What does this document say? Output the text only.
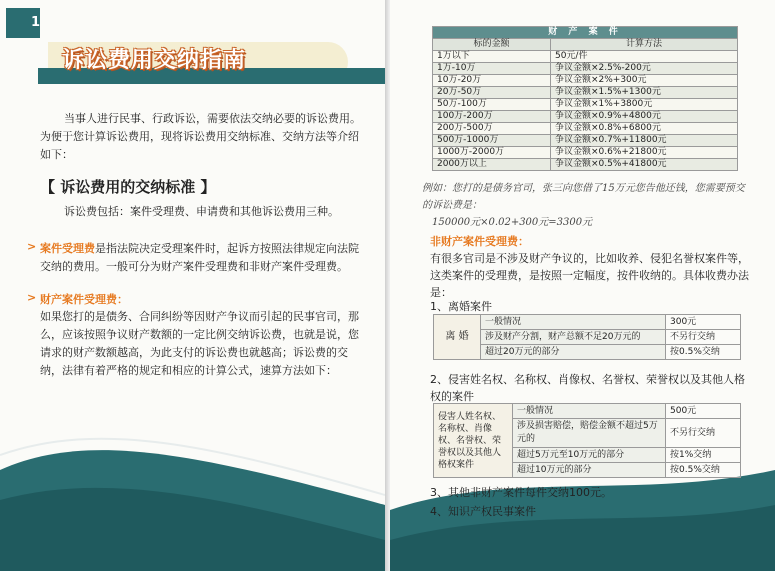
1
诉讼费用交纳指南
当事人进行民事、行政诉讼，需要依法交纳必要的诉讼费用。为便于您计算诉讼费用，现将诉讼费用交纳标准、交纳方法等介绍如下：
【 诉讼费用的交纳标准 】
诉讼费包括：案件受理费、申请费和其他诉讼费用三种。
> 案件受理费是指法院决定受理案件时，起诉方按照法律规定向法院交纳的费用。一般可分为财产案件受理费和非财产案件受理费。
> 财产案件受理费：
如果您打的是债务、合同纠纷等因财产争议而引起的民事官司，那么，应该按照争议财产数额的一定比例交纳诉讼费，也就是说，您请求的财产数额越高，为此支付的诉讼费也就越高；诉讼费的交纳，法律有着严格的规定和相应的计算公式，速算方法如下：
财 产 案 件	
标的金额	计算方法
1万以下	50元/件
1万-10万	争议金额×2.5%-200元
10万-20万	争议金额×2%+300元
20万-50万	争议金额×1.5%+1300元
50万-100万	争议金额×1%+3800元
100万-200万	争议金额×0.9%+4800元
200万-500万	争议金额×0.8%+6800元
500万-1000万	争议金额×0.7%+11800元
1000万-2000万	争议金额×0.6%+21800元
2000万以上	争议金额×0.5%+41800元
例如：您打的是债务官司，张三向您借了15万元您告他还钱，您需要预交的诉讼费是：
150000元×0.02+300元=3300元
非财产案件受理费：
有很多官司是不涉及财产争议的，比如收养、侵犯名誉权案件等，这类案件的受理费，是按照一定幅度，按件收纳的。具体收费办法是：
1、离婚案件
离 婚	一般情况	300元
	涉及财产分割，财产总额不足20万元的	不另行交纳
	超过20万元的部分	按0.5%交纳
2、侵害姓名权、名称权、肖像权、名誉权、荣誉权以及其他人格权的案件
侵害人姓名权、名称权、肖像权、名誉权、荣誉权以及其他人格权案件	一般情况	500元
	涉及损害赔偿，赔偿金额不超过5万元的	不另行交纳
	超过5万元至10万元的部分	按1%交纳
	超过10万元的部分	按0.5%交纳
3、其他非财产案件每件交纳100元。
4、知识产权民事案件
